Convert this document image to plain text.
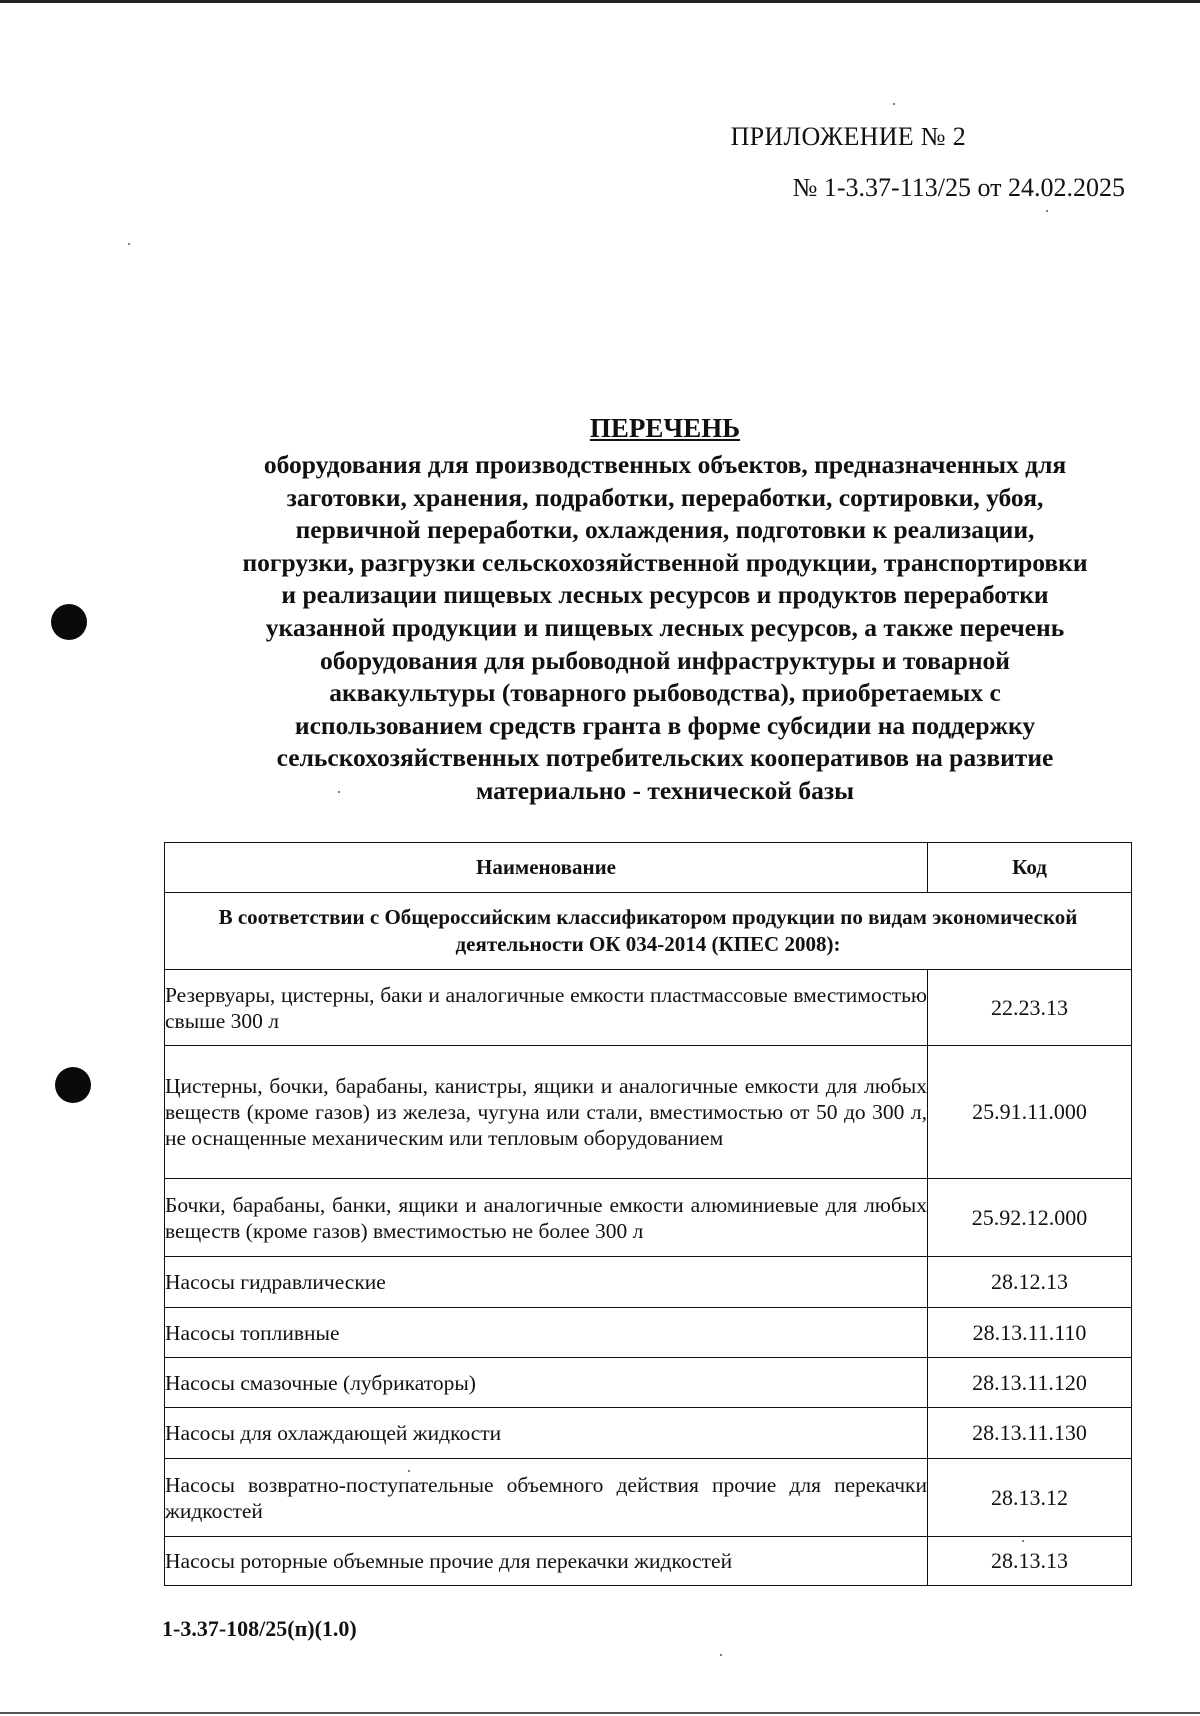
ПРИЛОЖЕНИЕ № 2
№ 1-3.37-113/25 от 24.02.2025
ПЕРЕЧЕНЬ
оборудования для производственных объектов, предназначенных для
заготовки, хранения, подработки, переработки, сортировки, убоя,
первичной переработки, охлаждения, подготовки к реализации,
погрузки, разгрузки сельскохозяйственной продукции, транспортировки
и реализации пищевых лесных ресурсов и продуктов переработки
указанной продукции и пищевых лесных ресурсов, а также перечень
оборудования для рыбоводной инфраструктуры и товарной
аквакультуры (товарного рыбоводства), приобретаемых с
использованием средств гранта в форме субсидии на поддержку
сельскохозяйственных потребительских кооперативов на развитие
материально - технической базы
Наименование	Код
В соответствии с Общероссийским классификатором продукции по видам экономической деятельности ОК 034-2014 (КПЕС 2008):	
Резервуары, цистерны, баки и аналогичные емкости пластмассовые вместимостью свыше 300 л	22.23.13
Цистерны, бочки, барабаны, канистры, ящики и аналогичные емкости для любых веществ (кроме газов) из железа, чугуна или стали, вместимостью от 50 до 300 л, не оснащенные механическим или тепловым оборудованием	25.91.11.000
Бочки, барабаны, банки, ящики и аналогичные емкости алюминиевые для любых веществ (кроме газов) вместимостью не более 300 л	25.92.12.000
Насосы гидравлические	28.12.13
Насосы топливные	28.13.11.110
Насосы смазочные (лубрикаторы)	28.13.11.120
Насосы для охлаждающей жидкости	28.13.11.130
Насосы возвратно-поступательные объемного действия прочие для перекачки жидкостей	28.13.12
Насосы роторные объемные прочие для перекачки жидкостей	28.13.13
1-3.37-108/25(п)(1.0)
